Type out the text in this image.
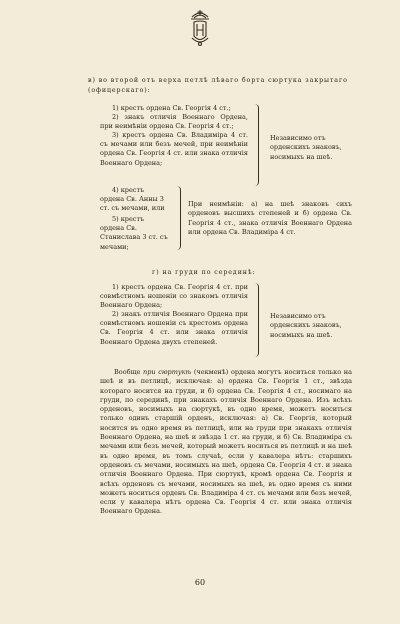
в) во второй отъ верха петлѣ лѣваго борта сюртука закрытаго (офицерскаго):
1) крестъ ордена Св. Георгія 4 ст.;
2) знакъ отличія Военнаго Ордена, при неимѣніи ордена Св. Георгія 4 ст.;
3) крестъ ордена Св. Владиміра 4 ст. съ мечами или безъ мечей, при неимѣніи ордена Св. Георгія 4 ст. или знака отличія Военнаго Ордена;
Независимо отъ орденскихъ знаковъ, носимыхъ на шеѣ.
4) крестъ ордена Св. Анны 3 ст. съ мечами, или
5) крестъ ордена Св. Станислава 3 ст. съ мечами;
При неимѣніи: а) на шеѣ знаковъ сихъ орденовъ высшихъ степеней и б) ордена Св. Георгія 4 ст., знака отличія Военнаго Ордена или ордена Св. Владиміра 4 ст.
г) на груди по серединѣ:
1) крестъ ордена Св. Георгія 4 ст. при совмѣстномъ ношеніи со знакомъ отличія Военнаго Ордена;
2) знакъ отличія Военнаго Ордена при совмѣстномъ ношеніи съ крестомъ ордена Св. Георгія 4 ст. или знака отличія Военнаго Ордена двухъ степеней.
Независимо отъ орденскихъ знаковъ, носимыхъ на шеѣ.
Вообще при сюртукѣ (чекменѣ) ордена могутъ носиться только на шеѣ и въ петлицѣ, исключая: а) ордена Св. Георгія 1 ст., звѣзда котораго носится на груди, и б) ордена Св. Георгія 4 ст., носимаго на груди, по серединѣ, при знакахъ отличія Военнаго Ордена. Изъ всѣхъ орденовъ, носимыхъ на сюртукѣ, въ одно время, можетъ носиться только одинъ старшій орденъ, исключая: а) Св. Георгія, который носится въ одно время въ петлицѣ, или на груди при знакахъ отличія Военнаго Ордена, на шеѣ и звѣзда 1 ст. на груди, и б) Св. Владиміра съ мечами или безъ мечей, который можетъ носиться въ петлицѣ и на шеѣ въ одно время, въ томъ случаѣ, если у кавалера нѣтъ: старшихъ орденовъ съ мечами, носимыхъ на шеѣ, ордена Св. Георгія 4 ст. и знака отличія Военнаго Ордена. При сюртукѣ, кромѣ ордена Св. Георгія и всѣхъ орденовъ съ мечами, носимыхъ на шеѣ, въ одно время съ ними можетъ носиться орденъ Св. Владиміра 4 ст. съ мечами или безъ мечей, если у кавалера нѣтъ ордена Св. Георгія 4 ст. или знака отличія Военнаго Ордена.
60
